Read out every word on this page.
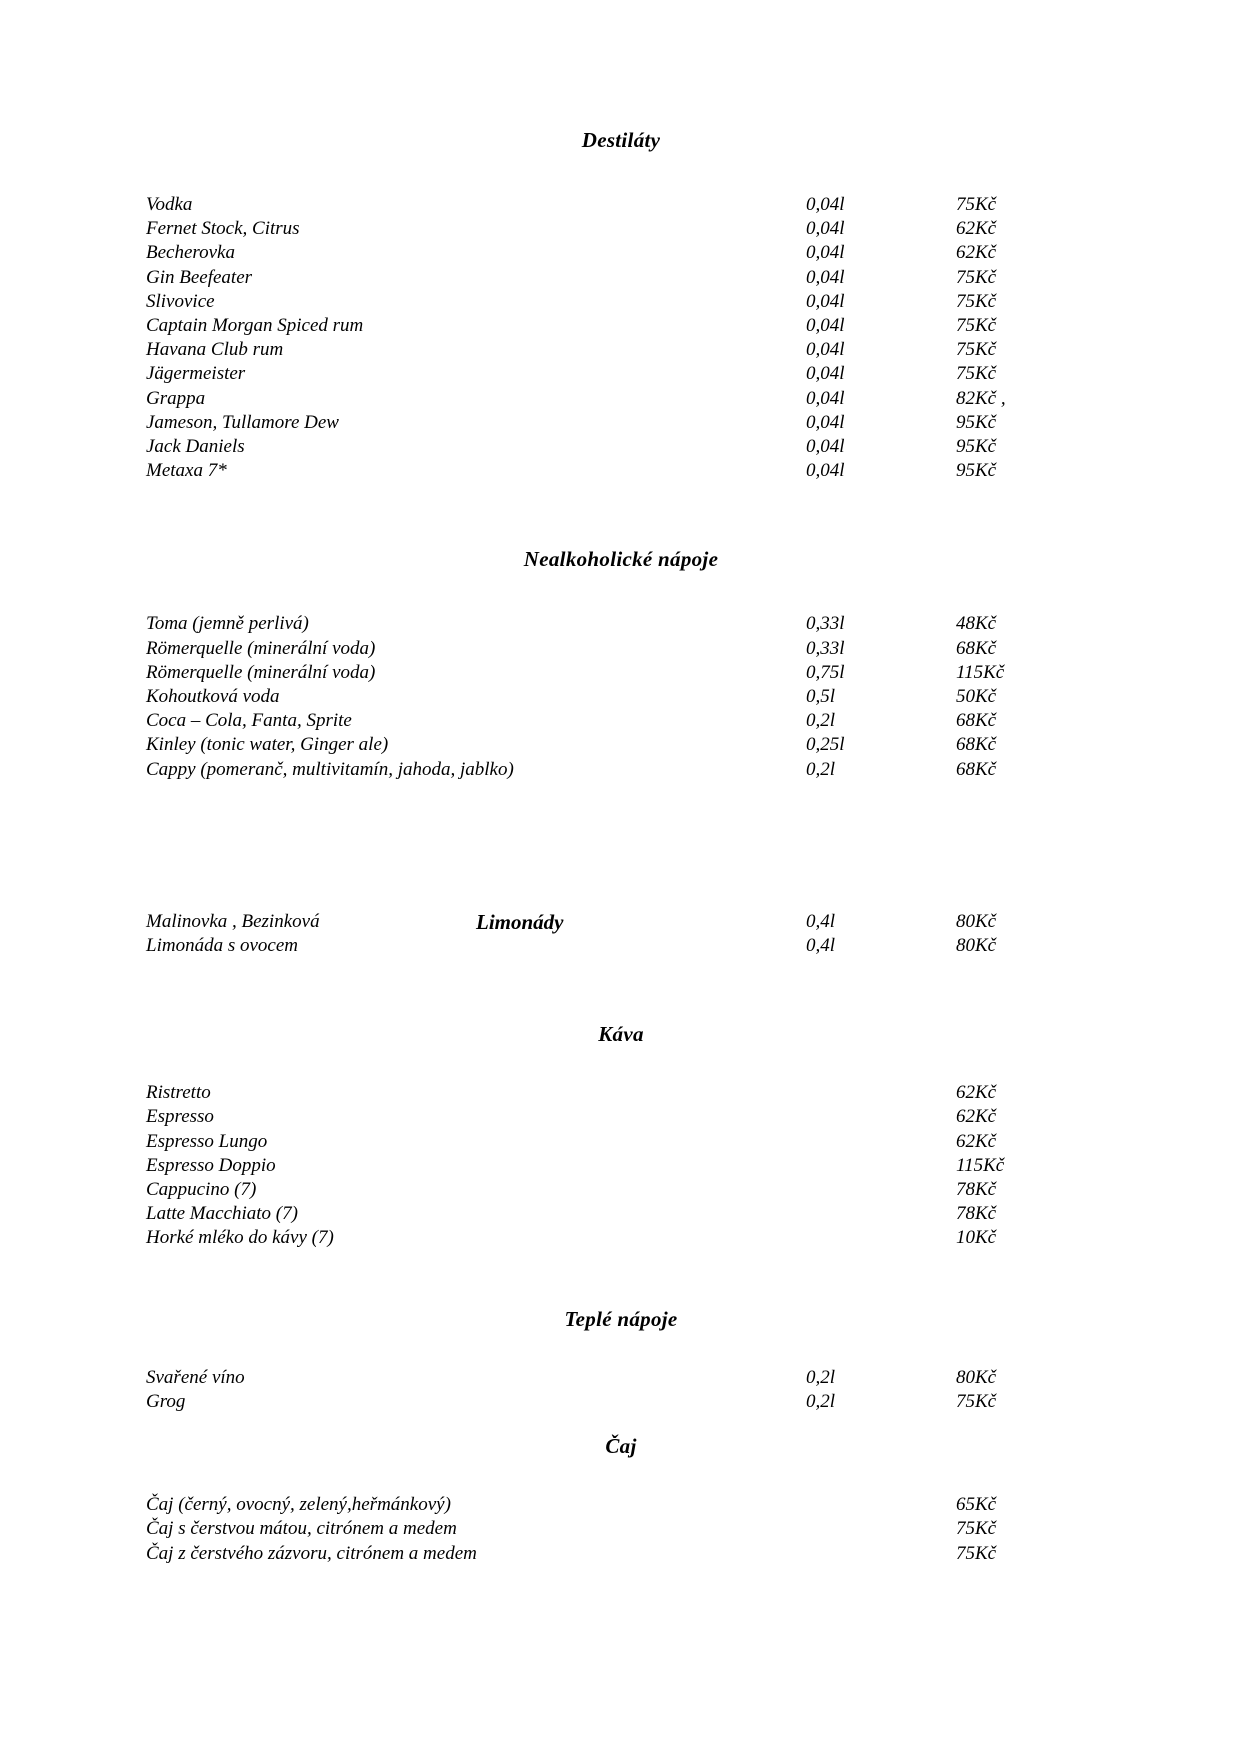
Destiláty
Vodka	0,04l	75Kč
Fernet Stock, Citrus	0,04l	62Kč
Becherovka	0,04l	62Kč
Gin Beefeater	0,04l	75Kč
Slivovice	0,04l	75Kč
Captain Morgan Spiced rum	0,04l	75Kč
Havana Club rum	0,04l	75Kč
Jägermeister	0,04l	75Kč
Grappa	0,04l	82Kč ,
Jameson, Tullamore Dew	0,04l	95Kč
Jack Daniels	0,04l	95Kč
Metaxa 7*	0,04l	95Kč
Nealkoholické nápoje
Toma (jemně perlivá)	0,33l	48Kč
Römerquelle (minerální voda)	0,33l	68Kč
Römerquelle (minerální voda)	0,75l	115Kč
Kohoutková voda	0,5l	50Kč
Coca – Cola, Fanta, Sprite	0,2l	68Kč
Kinley (tonic water, Ginger ale)	0,25l	68Kč
Cappy (pomeranč, multivitamín, jahoda, jablko)	0,2l	68Kč
Limonády
Malinovka , Bezinková	0,4l	80Kč
Limonáda s ovocem	0,4l	80Kč
Káva
Ristretto		62Kč
Espresso		62Kč
Espresso Lungo		62Kč
Espresso Doppio		115Kč
Cappucino (7)		78Kč
Latte Macchiato (7)		78Kč
Horké mléko do kávy (7)		10Kč
Teplé nápoje
Svařené víno	0,2l	80Kč
Grog	0,2l	75Kč
Čaj
Čaj (černý, ovocný, zelený,heřmánkový)		65Kč
Čaj s čerstvou mátou, citrónem a medem		75Kč
Čaj z čerstvého zázvoru, citrónem a medem		75Kč
